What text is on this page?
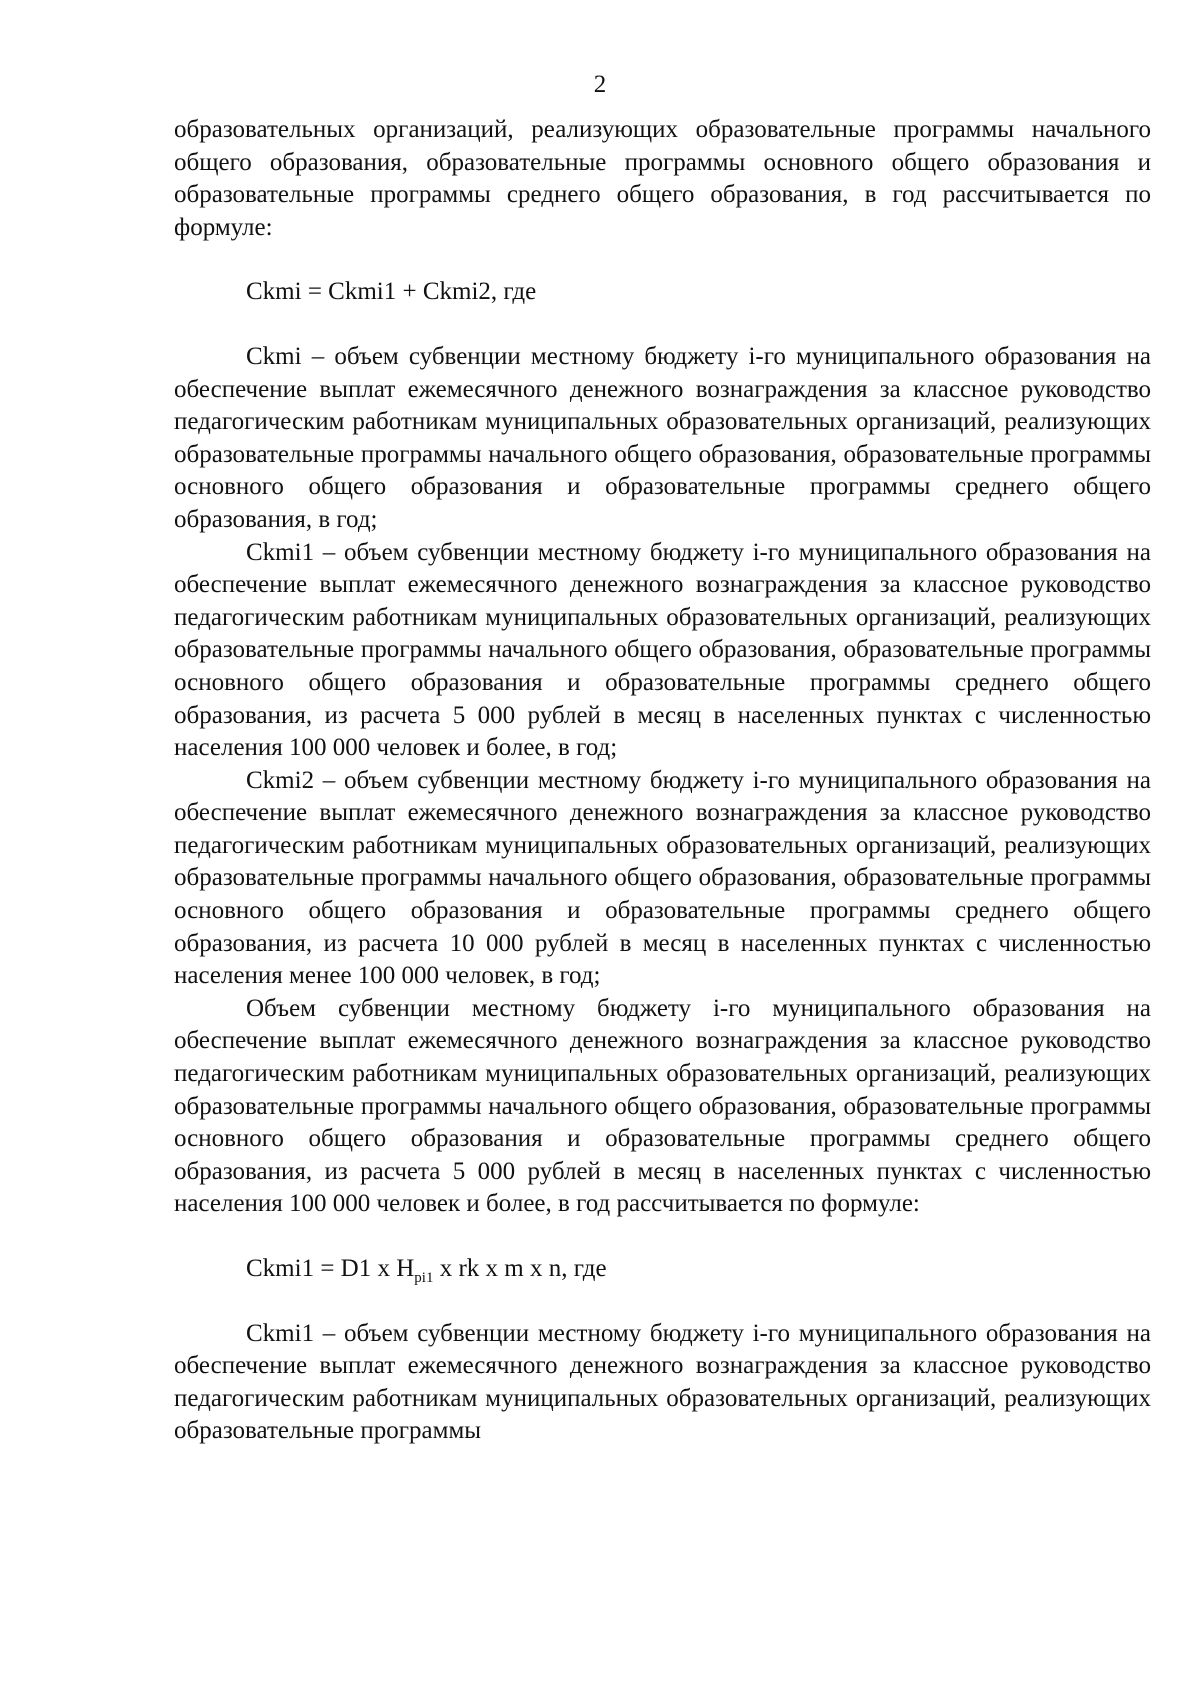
2

образовательных организаций, реализующих образовательные программы начального общего образования, образовательные программы основного общего образования и образовательные программы среднего общего образования, в год рассчитывается по формуле:

Ckmi = Ckmi1 + Ckmi2, где

Ckmi – объем субвенции местному бюджету i-го муниципального образования на обеспечение выплат ежемесячного денежного вознаграждения за классное руководство педагогическим работникам муниципальных образовательных организаций, реализующих образовательные программы начального общего образования, образовательные программы основного общего образования и образовательные программы среднего общего образования, в год;

Ckmi1 – объем субвенции местному бюджету i-го муниципального образования на обеспечение выплат ежемесячного денежного вознаграждения за классное руководство педагогическим работникам муниципальных образовательных организаций, реализующих образовательные программы начального общего образования, образовательные программы основного общего образования и образовательные программы среднего общего образования, из расчета 5 000 рублей в месяц в населенных пунктах с численностью населения 100 000 человек и более, в год;

Ckmi2 – объем субвенции местному бюджету i-го муниципального образования на обеспечение выплат ежемесячного денежного вознаграждения за классное руководство педагогическим работникам муниципальных образовательных организаций, реализующих образовательные программы начального общего образования, образовательные программы основного общего образования и образовательные программы среднего общего образования, из расчета 10 000 рублей в месяц в населенных пунктах с численностью населения менее 100 000 человек, в год;

Объем субвенции местному бюджету i-го муниципального образования на обеспечение выплат ежемесячного денежного вознаграждения за классное руководство педагогическим работникам муниципальных образовательных организаций, реализующих образовательные программы начального общего образования, образовательные программы основного общего образования и образовательные программы среднего общего образования, из расчета 5 000 рублей в месяц в населенных пунктах с численностью населения 100 000 человек и более, в год рассчитывается по формуле:

Ckmi1 = D1 x $H_{pi1}$ x rk x m x n, где

Ckmi1 – объем субвенции местному бюджету i-го муниципального образования на обеспечение выплат ежемесячного денежного вознаграждения за классное руководство педагогическим работникам муниципальных образовательных организаций, реализующих образовательные программы
